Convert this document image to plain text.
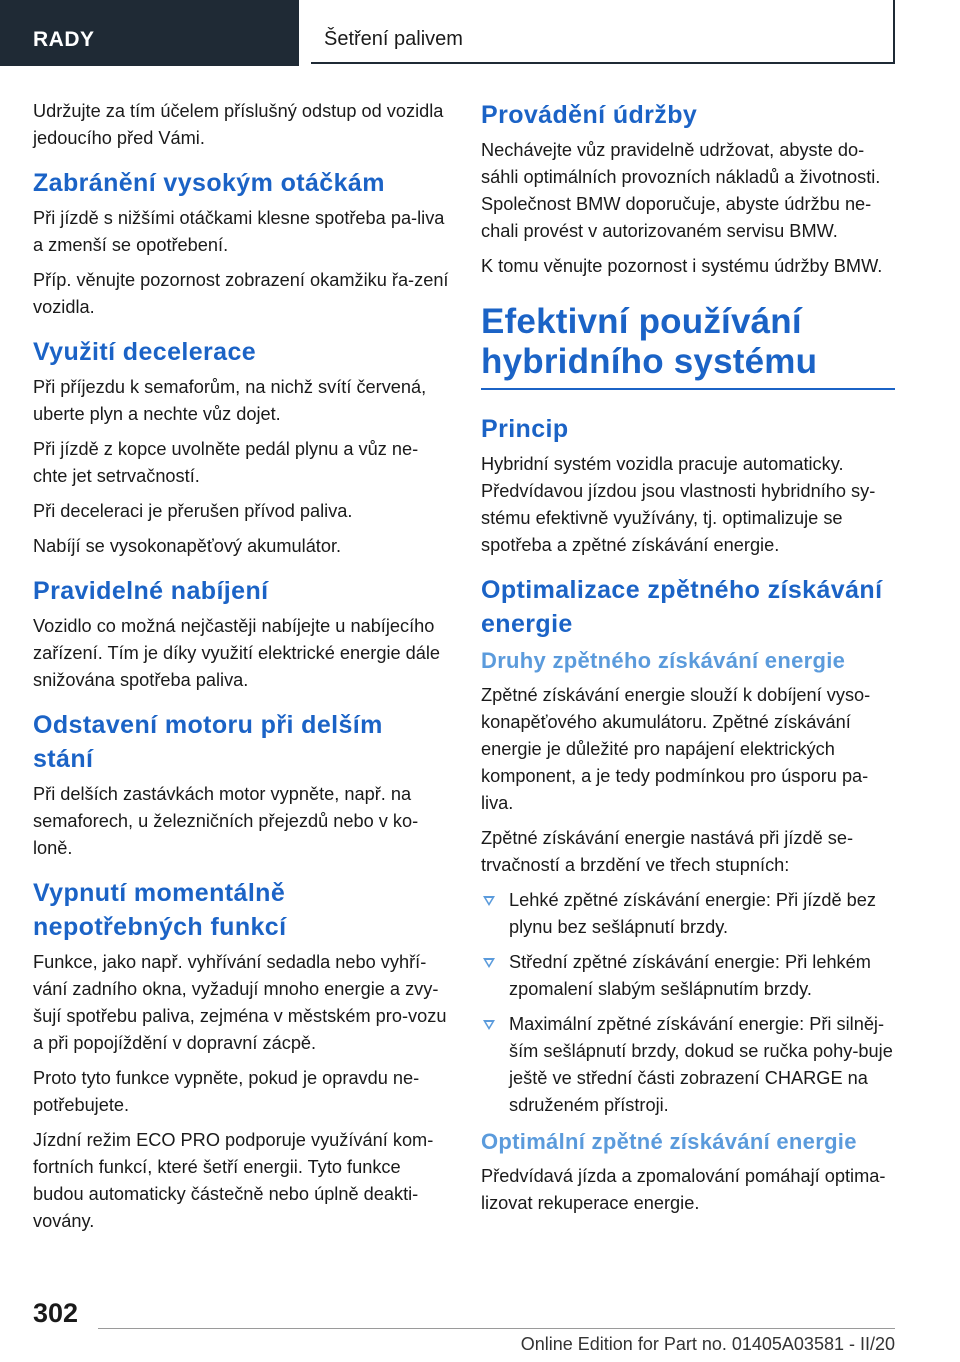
RADY	Šetření palivem

Udržujte za tím účelem příslušný odstup od vozidla jedoucího před Vámi.

Zabránění vysokým otáčkám

Při jízdě s nižšími otáčkami klesne spotřeba pa-liva a zmenší se opotřebení.

Příp. věnujte pozornost zobrazení okamžiku řa-zení vozidla.

Využití decelerace

Při příjezdu k semaforům, na nichž svítí červená, uberte plyn a nechte vůz dojet.

Při jízdě z kopce uvolněte pedál plynu a vůz ne-chte jet setrvačností.

Při deceleraci je přerušen přívod paliva.

Nabíjí se vysokonapěťový akumulátor.

Pravidelné nabíjení

Vozidlo co možná nejčastěji nabíjejte u nabíjecího zařízení. Tím je díky využití elektrické energie dále snižována spotřeba paliva.

Odstavení motoru při delším stání

Při delších zastávkách motor vypněte, např. na semaforech, u železničních přejezdů nebo v ko-loně.

Vypnutí momentálně nepotřebných funkcí

Funkce, jako např. vyhřívání sedadla nebo vyhří-vání zadního okna, vyžadují mnoho energie a zvy-šují spotřebu paliva, zejména v městském pro-vozu a při popojíždění v dopravní zácpě.

Proto tyto funkce vypněte, pokud je opravdu ne-potřebujete.

Jízdní režim ECO PRO podporuje využívání kom-fortních funkcí, které šetří energii. Tyto funkce budou automaticky částečně nebo úplně deakti-vovány.

Provádění údržby

Nechávejte vůz pravidelně udržovat, abyste do-sáhli optimálních provozních nákladů a životnosti. Společnost BMW doporučuje, abyste údržbu ne-chali provést v autorizovaném servisu BMW.

K tomu věnujte pozornost i systému údržby BMW.

Efektivní používání hybridního systému
Princip

Hybridní systém vozidla pracuje automaticky. Předvídavou jízdou jsou vlastnosti hybridního sy-stému efektivně využívány, tj. optimalizuje se spotřeba a zpětné získávání energie.

Optimalizace zpětného získávání energie
Druhy zpětného získávání energie

Zpětné získávání energie slouží k dobíjení vyso-konapěťového akumulátoru. Zpětné získávání energie je důležité pro napájení elektrických komponent, a je tedy podmínkou pro úsporu pa-liva.

Zpětné získávání energie nastává při jízdě se-trvačností a brzdění ve třech stupních:

Lehké zpětné získávání energie: Při jízdě bez plynu bez sešlápnutí brzdy.
Střední zpětné získávání energie: Při lehkém zpomalení slabým sešlápnutím brzdy.
Maximální zpětné získávání energie: Při silněj-ším sešlápnutí brzdy, dokud se ručka pohy-buje ještě ve střední části zobrazení CHARGE na sdruženém přístroji.
Optimální zpětné získávání energie

Předvídavá jízda a zpomalování pomáhají optima-lizovat rekuperace energie.

302
Online Edition for Part no. 01405A03581 - II/20
